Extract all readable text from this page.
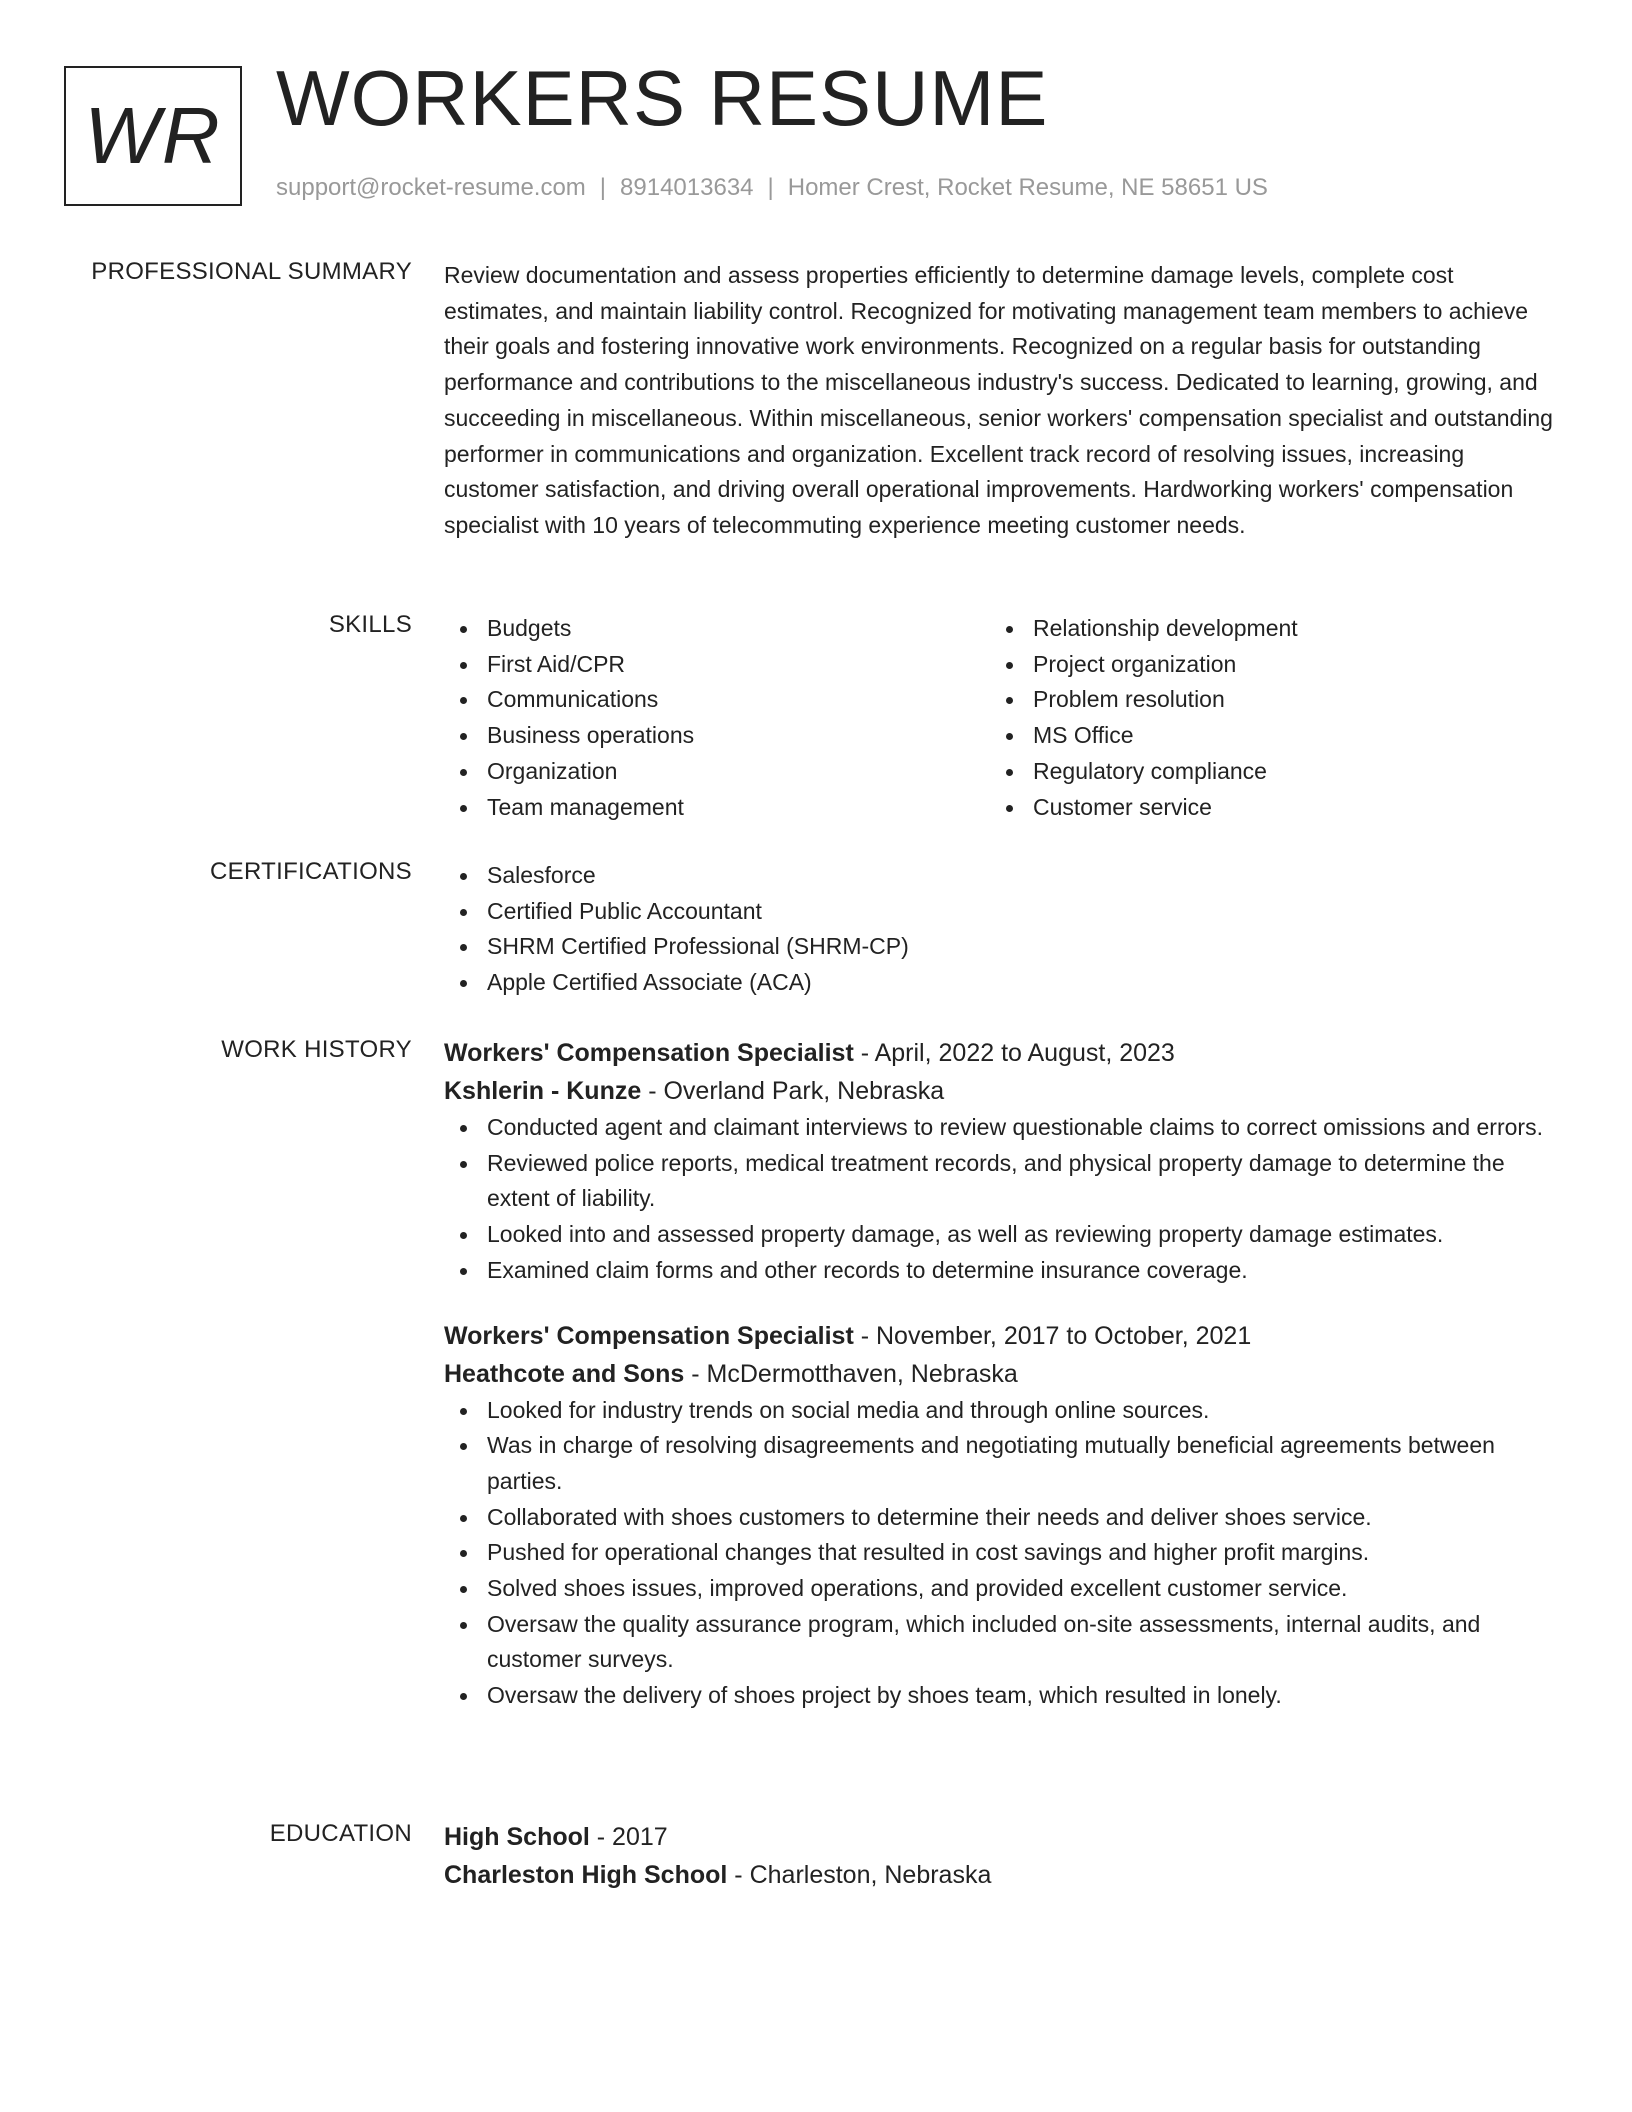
WR WORKERS RESUME
support@rocket-resume.com | 8914013634 | Homer Crest, Rocket Resume, NE 58651 US
PROFESSIONAL SUMMARY Review documentation and assess properties efficiently to determine damage levels, complete cost estimates, and maintain liability control. Recognized for motivating management team members to achieve their goals and fostering innovative work environments. Recognized on a regular basis for outstanding performance and contributions to the miscellaneous industry's success. Dedicated to learning, growing, and succeeding in miscellaneous. Within miscellaneous, senior workers' compensation specialist and outstanding performer in communications and organization. Excellent track record of resolving issues, increasing customer satisfaction, and driving overall operational improvements. Hardworking workers' compensation specialist with 10 years of telecommuting experience meeting customer needs.

SKILLS	Budgets
First Aid/CPR
Communications
Business operations
Organization
Team management
Relationship development
Project organization
Problem resolution
MS Office
Regulatory compliance
Customer service
CERTIFICATIONS	Salesforce
Certified Public Accountant
SHRM Certified Professional (SHRM-CP)
Apple Certified Associate (ACA)
WORK HISTORY Workers' Compensation Specialist - April, 2022 to August, 2023
Kshlerin - Kunze - Overland Park, Nebraska
Conducted agent and claimant interviews to review questionable claims to correct omissions and errors.
Reviewed police reports, medical treatment records, and physical property damage to determine the extent of liability.
Looked into and assessed property damage, as well as reviewing property damage estimates.
Examined claim forms and other records to determine insurance coverage.
Workers' Compensation Specialist - November, 2017 to October, 2021
Heathcote and Sons - McDermotthaven, Nebraska
Looked for industry trends on social media and through online sources.
Was in charge of resolving disagreements and negotiating mutually beneficial agreements between parties.
Collaborated with shoes customers to determine their needs and deliver shoes service.
Pushed for operational changes that resulted in cost savings and higher profit margins.
Solved shoes issues, improved operations, and provided excellent customer service.
Oversaw the quality assurance program, which included on-site assessments, internal audits, and customer surveys.
Oversaw the delivery of shoes project by shoes team, which resulted in lonely.
EDUCATION High School - 2017
Charleston High School - Charleston, Nebraska
